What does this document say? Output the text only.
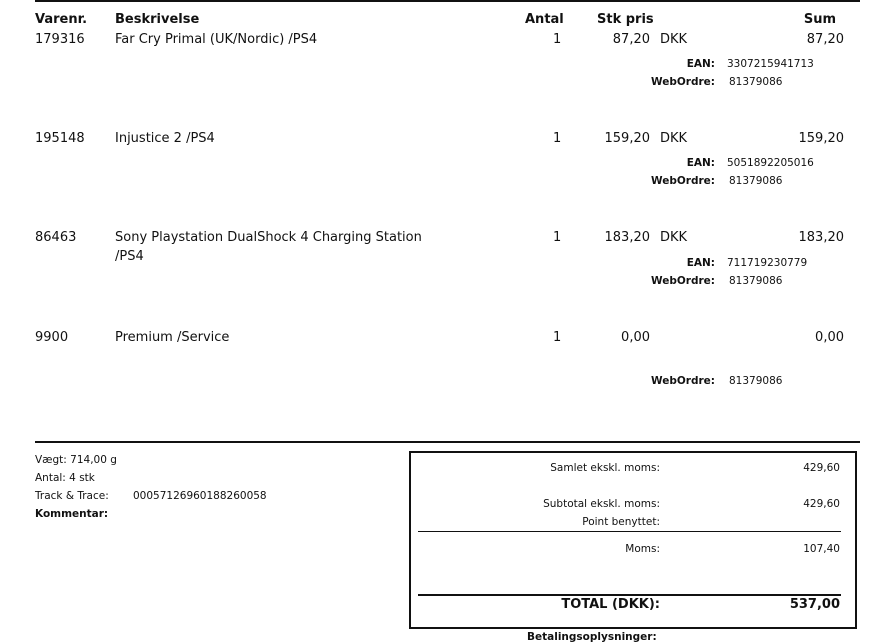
Varenr. Beskrivelse	Antal	Stk pris	Sum
179316 Far Cry Primal (UK/Nordic) /PS4	1	87,20 DKK	87,20
EAN: 3307215941713
WebOrdre: 81379086
195148 Injustice 2 /PS4	1	159,20 DKK	159,20
EAN: 5051892205016
WebOrdre: 81379086
86463	Sony Playstation DualShock 4 Charging Station
/PS4
1	183,20 DKK	183,20
EAN: 711719230779
WebOrdre: 81379086
9900	Premium /Service	1	0,00	0,00
WebOrdre: 81379086
Vægt: 714,00 g
Antal: 4 stk
Track & Trace: 00057126960188260058
Kommentar:
Samlet ekskl. moms:	429,60
Subtotal ekskl. moms:	429,60
Point benyttet:
Moms:	107,40
TOTAL (DKK):	537,00
Betalingsoplysninger:
